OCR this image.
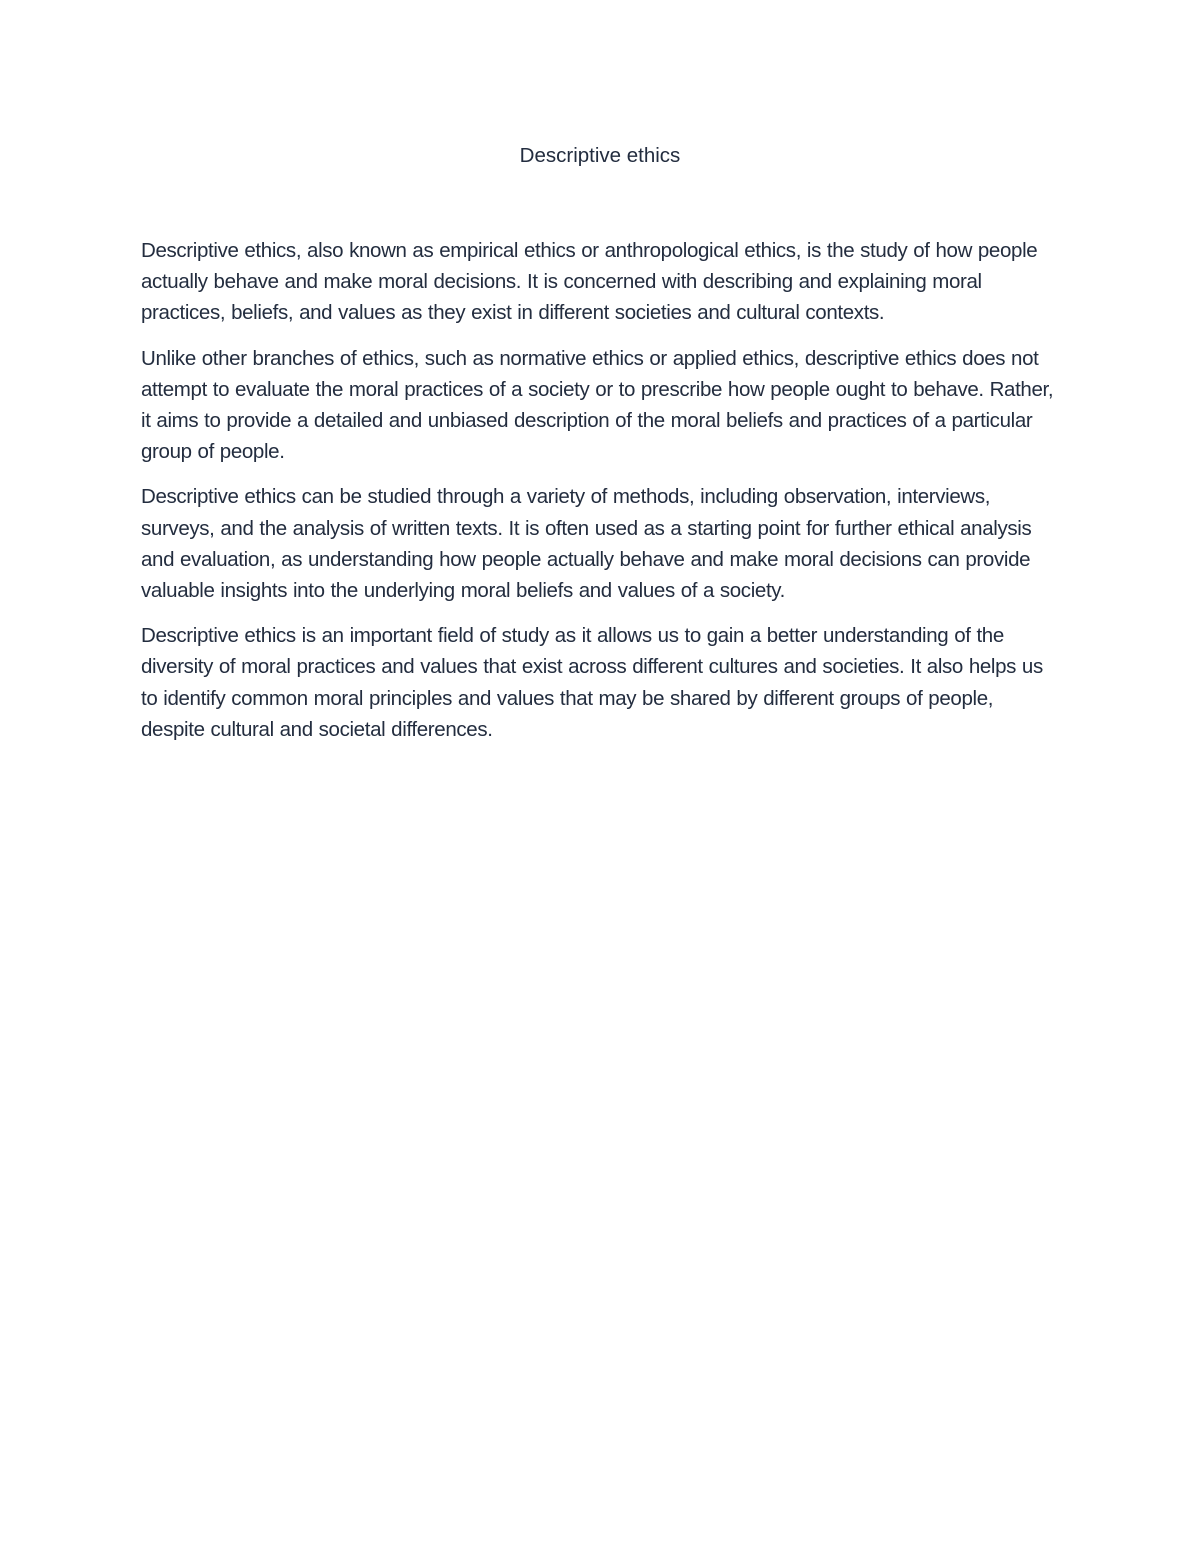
Descriptive ethics

Descriptive ethics, also known as empirical ethics or anthropological ethics, is the study of how people actually behave and make moral decisions. It is concerned with describing and explaining moral practices, beliefs, and values as they exist in different societies and cultural contexts.

Unlike other branches of ethics, such as normative ethics or applied ethics, descriptive ethics does not attempt to evaluate the moral practices of a society or to prescribe how people ought to behave. Rather, it aims to provide a detailed and unbiased description of the moral beliefs and practices of a particular group of people.

Descriptive ethics can be studied through a variety of methods, including observation, interviews, surveys, and the analysis of written texts. It is often used as a starting point for further ethical analysis and evaluation, as understanding how people actually behave and make moral decisions can provide valuable insights into the underlying moral beliefs and values of a society.

Descriptive ethics is an important field of study as it allows us to gain a better understanding of the diversity of moral practices and values that exist across different cultures and societies. It also helps us to identify common moral principles and values that may be shared by different groups of people, despite cultural and societal differences.
